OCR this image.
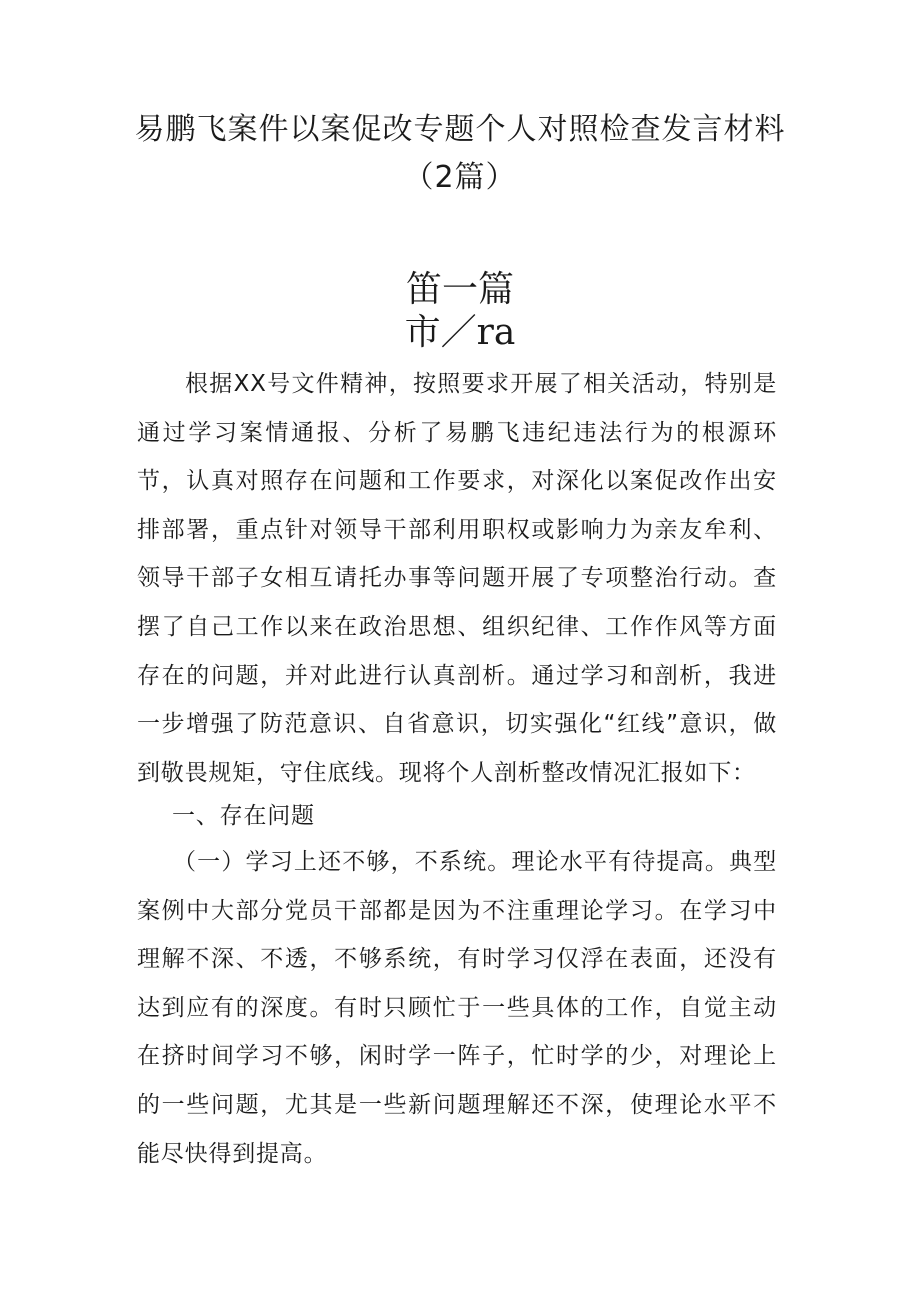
易鹏飞案件以案促改专题个人对照检查发言材料（2篇）
笛一篇
市／ra
根据XX号文件精神，按照要求开展了相关活动，特别是通过学习案情通报、分析了易鹏飞违纪违法行为的根源环节，认真对照存在问题和工作要求，对深化以案促改作出安排部署，重点针对领导干部利用职权或影响力为亲友牟利、领导干部子女相互请托办事等问题开展了专项整治行动。查摆了自己工作以来在政治思想、组织纪律、工作作风等方面存在的问题，并对此进行认真剖析。通过学习和剖析，我进一步增强了防范意识、自省意识，切实强化“红线”意识，做到敬畏规矩，守住底线。现将个人剖析整改情况汇报如下：
一、存在问题
（一）学习上还不够，不系统。理论水平有待提高。典型案例中大部分党员干部都是因为不注重理论学习。在学习中理解不深、不透，不够系统，有时学习仅浮在表面，还没有达到应有的深度。有时只顾忙于一些具体的工作，自觉主动在挤时间学习不够，闲时学一阵子，忙时学的少，对理论上的一些问题，尤其是一些新问题理解还不深，使理论水平不能尽快得到提高。
